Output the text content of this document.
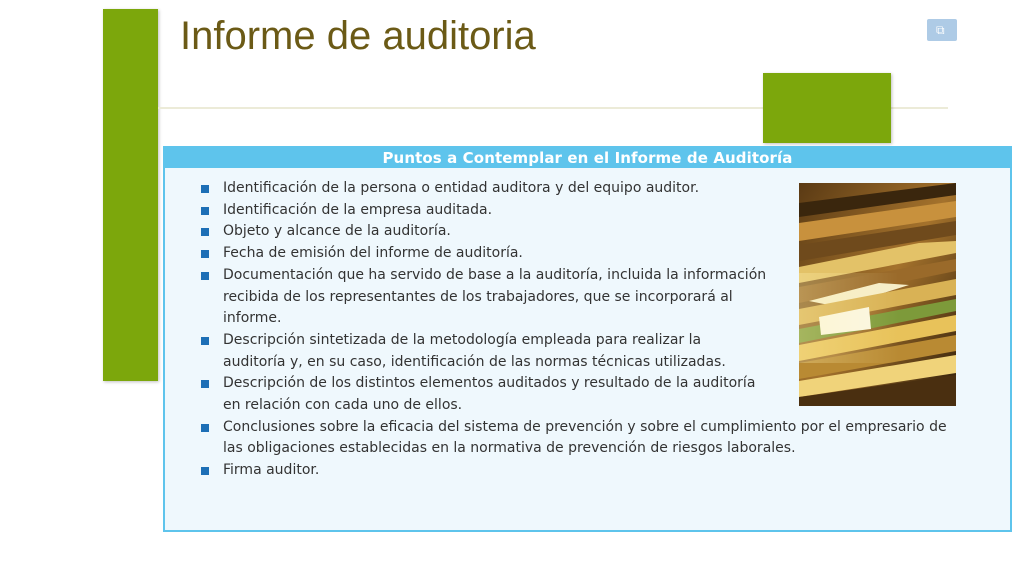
Informe de auditoria	⧉
Puntos a Contemplar en el Informe de Auditoría
Identificación de la persona o entidad auditora y del equipo auditor.
Identificación de la empresa auditada.
Objeto y alcance de la auditoría.
Fecha de emisión del informe de auditoría.
Documentación que ha servido de base a la auditoría, incluida la información recibida de los representantes de los trabajadores, que se incorporará al informe.
Descripción sintetizada de la metodología empleada para realizar la auditoría y, en su caso, identificación de las normas técnicas utilizadas.
Descripción de los distintos elementos auditados y resultado de la auditoría en relación con cada uno de ellos.
Conclusiones sobre la eficacia del sistema de prevención y sobre el cumplimiento por el empresario de las obligaciones establecidas en la normativa de prevención de riesgos laborales.
Firma auditor.
